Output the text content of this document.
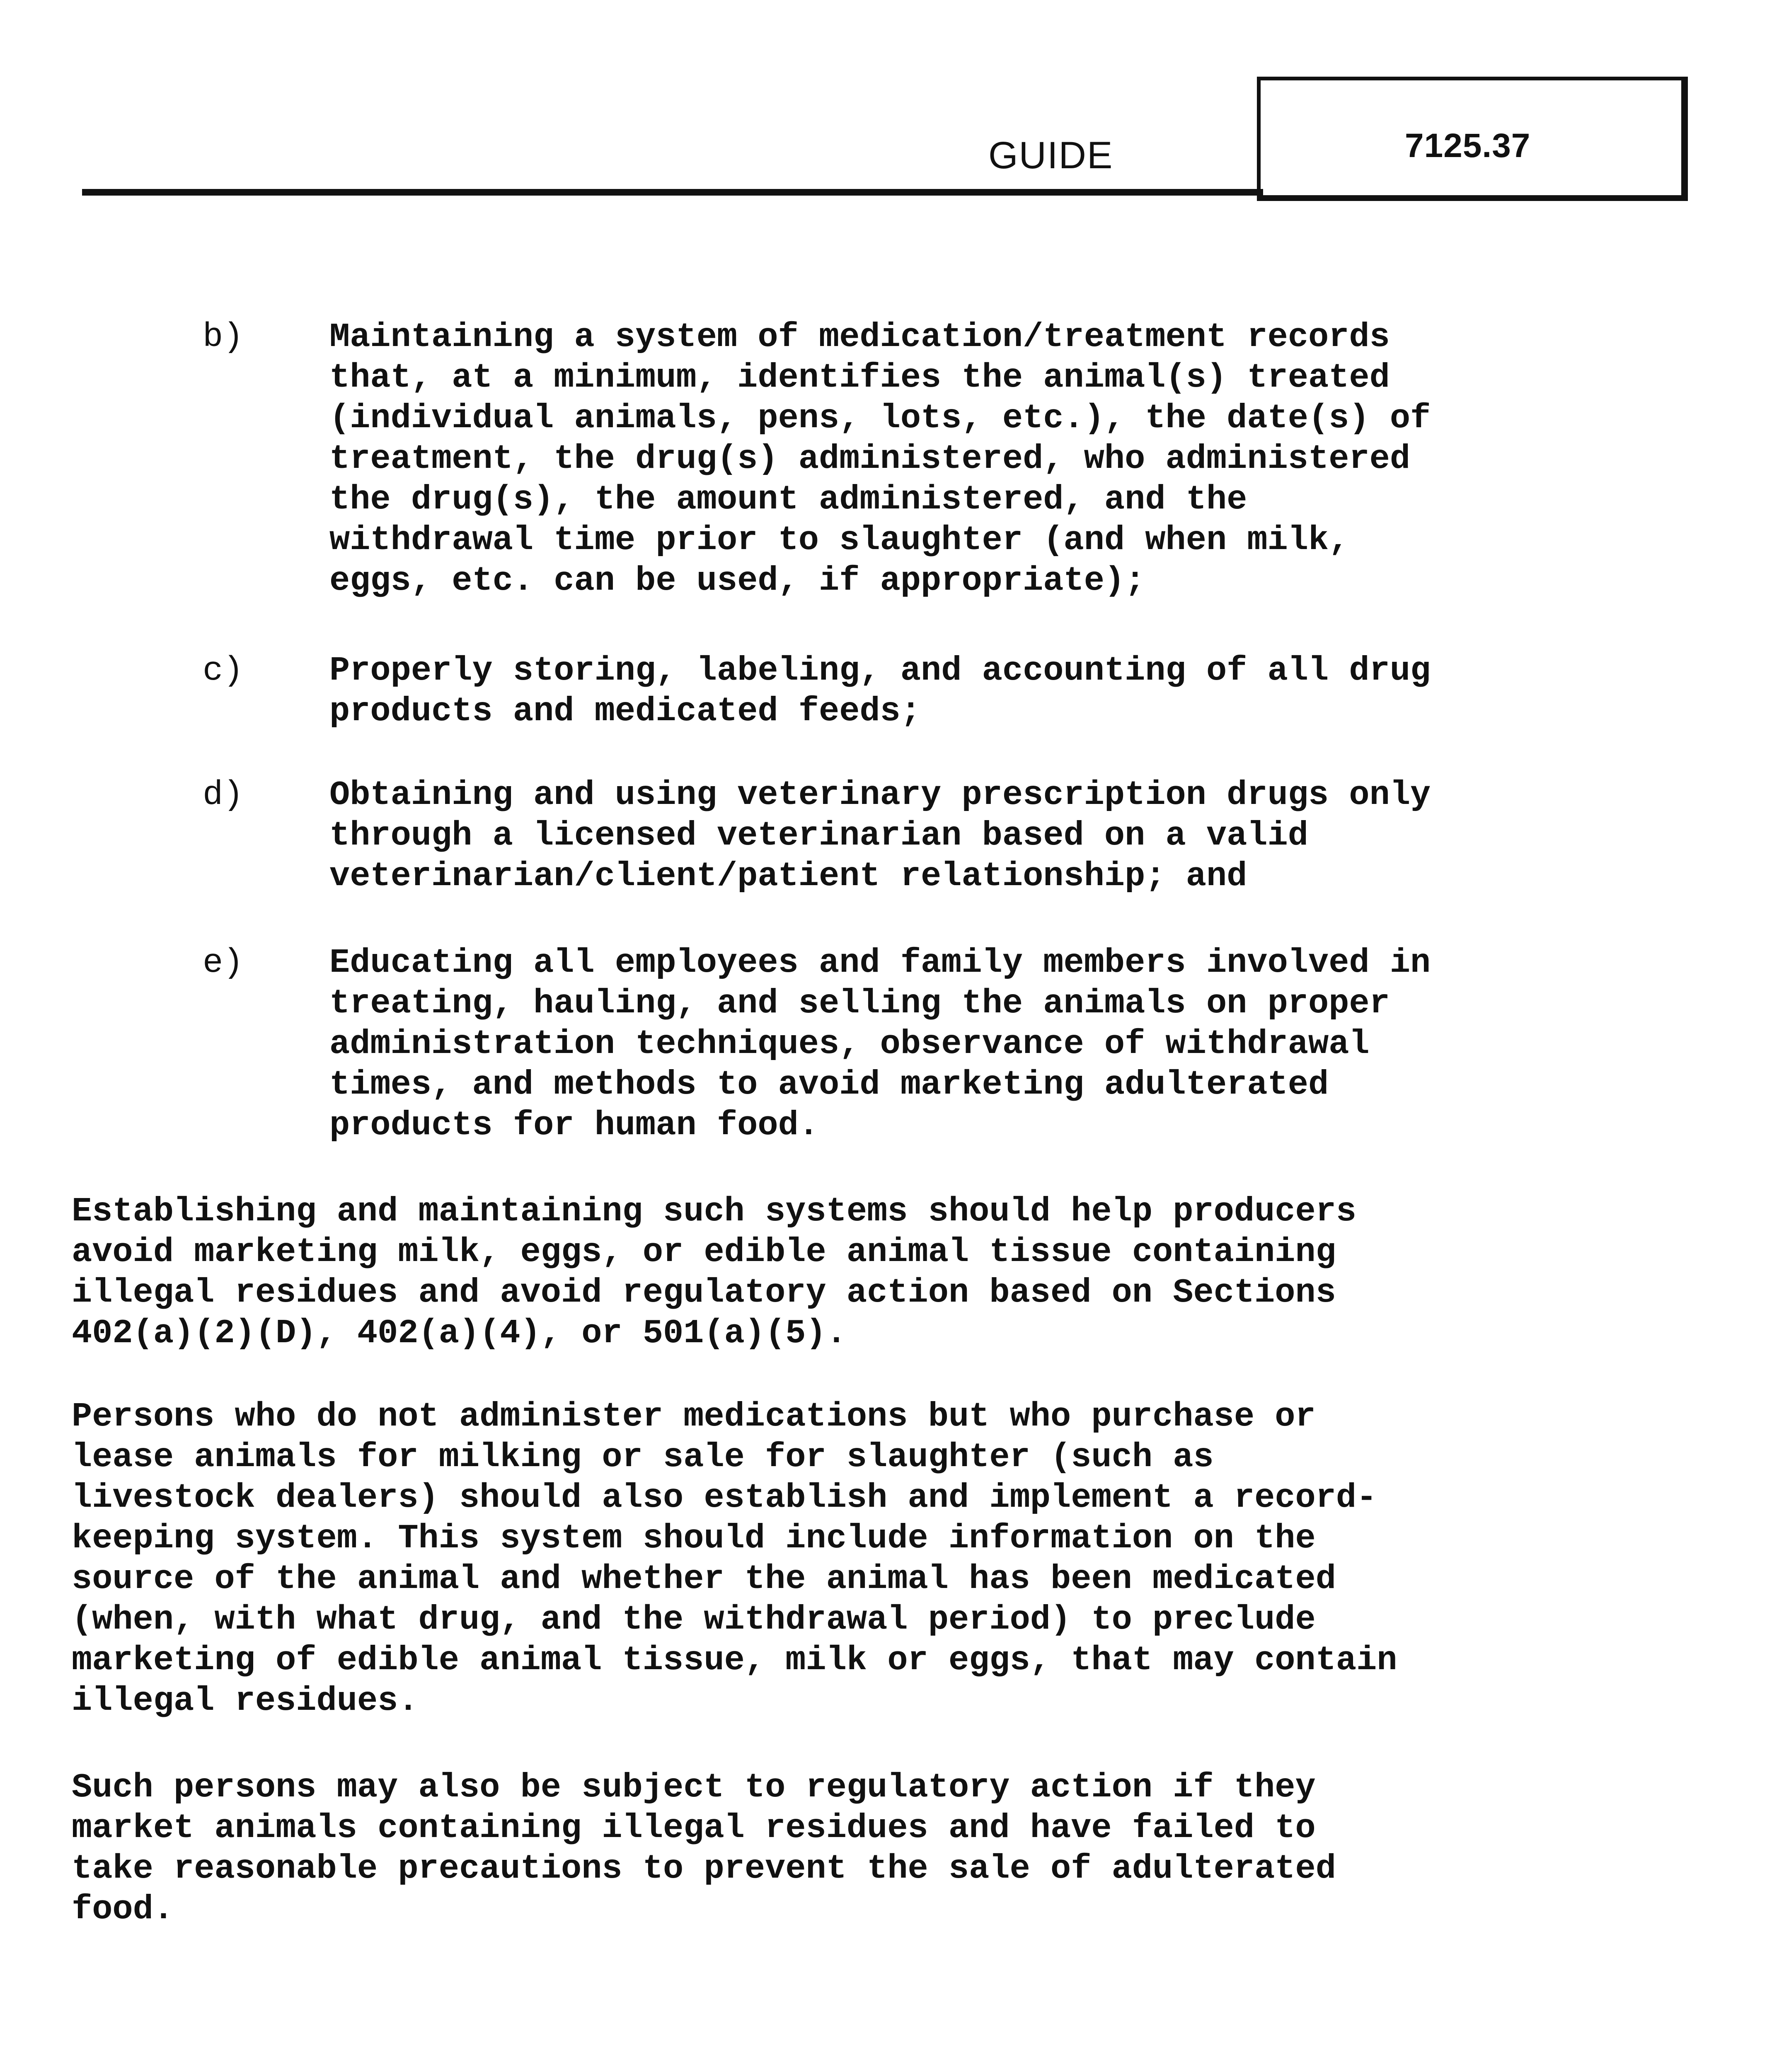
GUIDE	7125.37
b)	Maintaining a system of medication/treatment records
that, at a minimum, identifies the animal(s) treated
(individual animals, pens, lots, etc.), the date(s) of
treatment, the drug(s) administered, who administered
the drug(s), the amount administered, and the
withdrawal time prior to slaughter (and when milk,
eggs, etc. can be used, if appropriate);
c)	Properly storing, labeling, and accounting of all drug
products and medicated feeds;
d)	Obtaining and using veterinary prescription drugs only
through a licensed veterinarian based on a valid
veterinarian/client/patient relationship; and
e)	Educating all employees and family members involved in
treating, hauling, and selling the animals on proper
administration techniques, observance of withdrawal
times, and methods to avoid marketing adulterated
products for human food.
Establishing and maintaining such systems should help producers
avoid marketing milk, eggs, or edible animal tissue containing
illegal residues and avoid regulatory action based on Sections
402(a)(2)(D), 402(a)(4), or 501(a)(5).
Persons who do not administer medications but who purchase or
lease animals for milking or sale for slaughter (such as
livestock dealers) should also establish and implement a record-
keeping system. This system should include information on the
source of the animal and whether the animal has been medicated
(when, with what drug, and the withdrawal period) to preclude
marketing of edible animal tissue, milk or eggs, that may contain
illegal residues.
Such persons may also be subject to regulatory action if they
market animals containing illegal residues and have failed to
take reasonable precautions to prevent the sale of adulterated
food.
